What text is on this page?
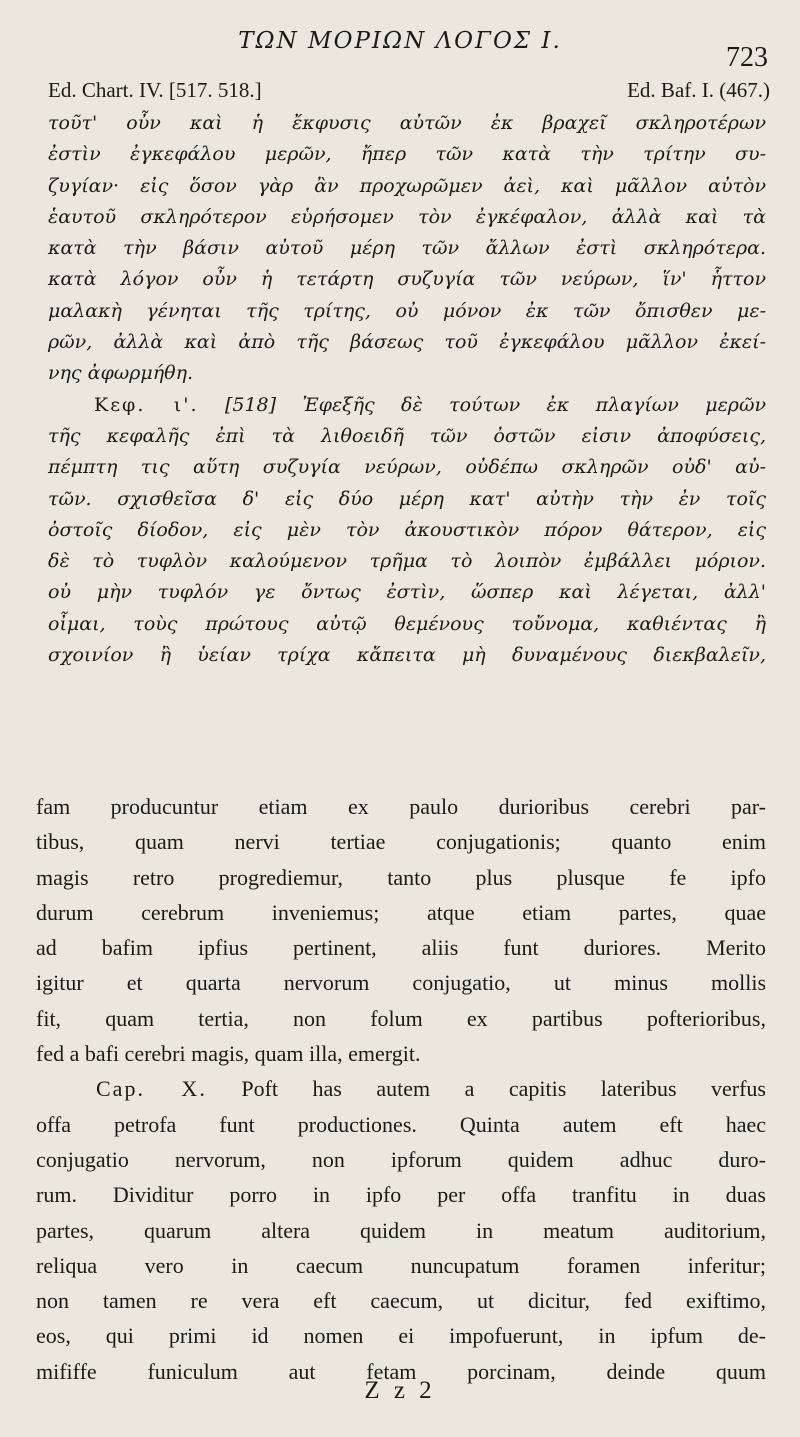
ΤΩΝ ΜΟΡΙΩΝ ΛΟΓΟΣ Ι.
723
Ed. Chart. IV. [517. 518.]	Ed. Baf. I. (467.)
τοῦτ' οὖν καὶ ἡ ἔκφυσις αὐτῶν ἐκ βραχεῖ σκληροτέρων
ἐστὶν ἐγκεφάλου μερῶν, ἤπερ τῶν κατὰ τὴν τρίτην συ-
ζυγίαν· εἰς ὅσον γὰρ ἂν προχωρῶμεν ἀεὶ, καὶ μᾶλλον αὐτὸν
ἑαυτοῦ σκληρότερον εὑρήσομεν τὸν ἐγκέφαλον, ἀλλὰ καὶ τὰ
κατὰ τὴν βάσιν αὐτοῦ μέρη τῶν ἄλλων ἐστὶ σκληρότερα.
κατὰ λόγον οὖν ἡ τετάρτη συζυγία τῶν νεύρων, ἵν' ἧττον
μαλακὴ γένηται τῆς τρίτης, οὐ μόνον ἐκ τῶν ὄπισθεν με-
ρῶν, ἀλλὰ καὶ ἀπὸ τῆς βάσεως τοῦ ἐγκεφάλου μᾶλλον ἐκεί-
νης ἀφωρμήθη.
Κεφ. ι'. [518] Ἐφεξῆς δὲ τούτων ἐκ πλαγίων μερῶν
τῆς κεφαλῆς ἐπὶ τὰ λιθοειδῆ τῶν ὀστῶν εἰσιν ἀποφύσεις,
πέμπτη τις αὕτη συζυγία νεύρων, οὐδέπω σκληρῶν οὐδ' αὐ-
τῶν. σχισθεῖσα δ' εἰς δύο μέρη κατ' αὐτὴν τὴν ἐν τοῖς
ὀστοῖς δίοδον, εἰς μὲν τὸν ἀκουστικὸν πόρον θάτερον, εἰς
δὲ τὸ τυφλὸν καλούμενον τρῆμα τὸ λοιπὸν ἐμβάλλει μόριον.
οὐ μὴν τυφλόν γε ὄντως ἐστὶν, ὥσπερ καὶ λέγεται, ἀλλ'
οἶμαι, τοὺς πρώτους αὐτῷ θεμένους τοὔνομα, καθιέντας ἢ
σχοινίον ἢ ὑείαν τρίχα κἄπειτα μὴ δυναμένους διεκβαλεῖν,
fam producuntur etiam ex paulo durioribus cerebri par-
tibus, quam nervi tertiae conjugationis; quanto enim
magis retro progrediemur, tanto plus plusque fe ipfo
durum cerebrum inveniemus; atque etiam partes, quae
ad bafim ipfius pertinent, aliis funt duriores. Merito
igitur et quarta nervorum conjugatio, ut minus mollis
fit, quam tertia, non folum ex partibus pofterioribus,
fed a bafi cerebri magis, quam illa, emergit.
Cap. X. Poft has autem a capitis lateribus verfus
offa petrofa funt productiones. Quinta autem eft haec
conjugatio nervorum, non ipforum quidem adhuc duro-
rum. Dividitur porro in ipfo per offa tranfitu in duas
partes, quarum altera quidem in meatum auditorium,
reliqua vero in caecum nuncupatum foramen inferitur;
non tamen re vera eft caecum, ut dicitur, fed exiftimo,
eos, qui primi id nomen ei impofuerunt, in ipfum de-
mififfe funiculum aut fetam porcinam, deinde quum
Z z 2
